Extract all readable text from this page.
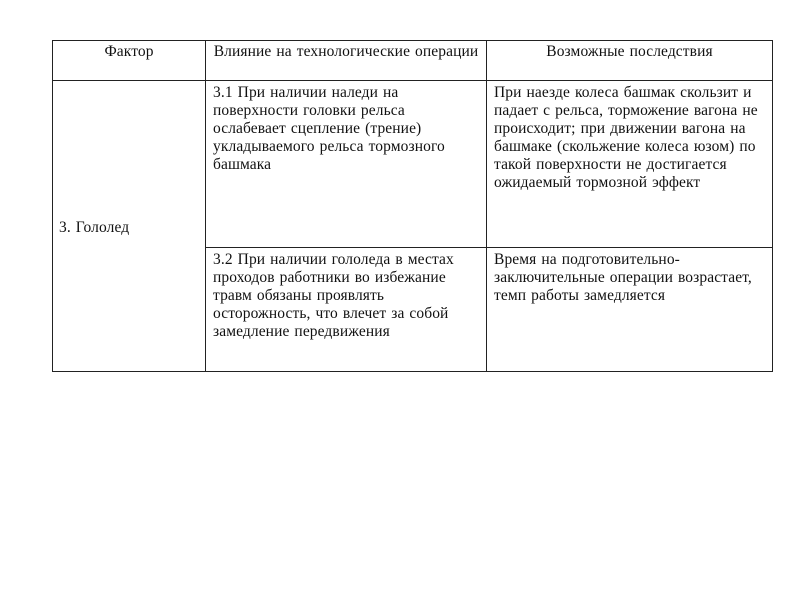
Фактор	Влияние на технологические операции	Возможные последствия

3. Гололед	3.1 При наличии наледи на поверхности головки рельса ослабевает сцепление (трение) укладываемого рельса тормозного башмака	При наезде колеса башмак скользит и падает с рельса, торможение вагона не происходит; при движении вагона на башмаке (скольжение колеса юзом) по такой поверхности не достигается ожидаемый тормозной эффект

	3.2 При наличии гололеда в местах проходов работники во избежание травм обязаны проявлять осторожность, что влечет за собой замедление передвижения	Время на подготовительно-заключительные операции возрастает, темп работы замедляется
